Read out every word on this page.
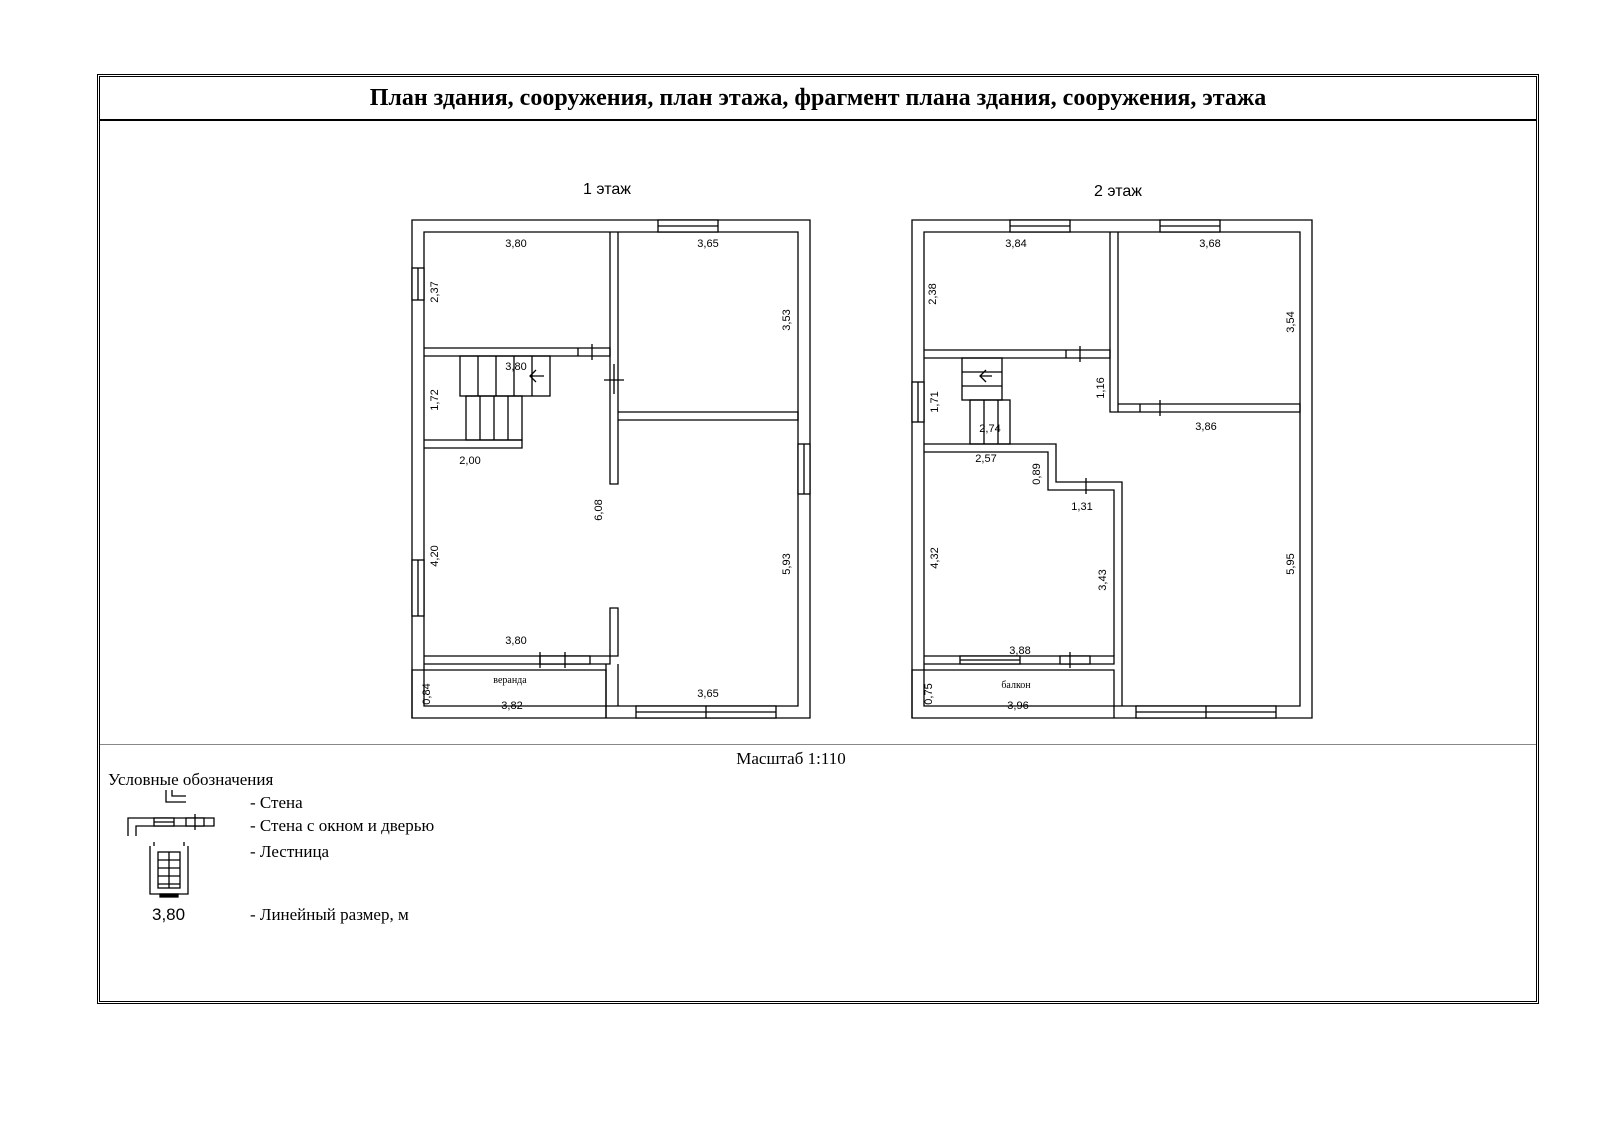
1 этаж	2 этаж
3,80	3,65
2,37
3,53
3,80
1,72
2,00
6,08
4,20	5,93
3,80
3,82
0,84	3,65
веранда
3,84	3,68
2,38
3,54
1,71
1,16
3,86
2,74
2,57
0,89
1,31
4,32
3,43
5,95
3,88
0,75
3,96
балкон
План здания, сооружения, план этажа, фрагмент плана здания, сооружения, этажа
Масштаб 1:110
Условные обозначения
- Стена
- Стена с окном и дверью
- Лестница
- Линейный размер, м
3,80
